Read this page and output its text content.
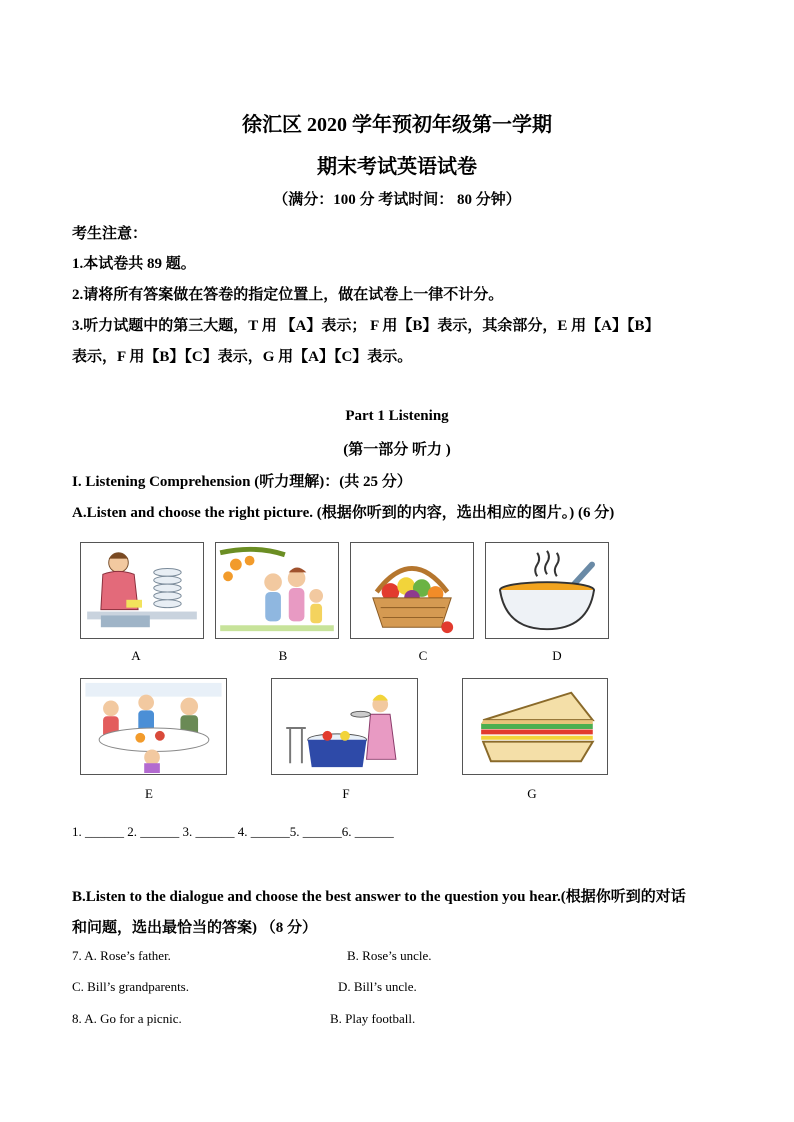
徐汇区 2020 学年预初年级第一学期
期末考试英语试卷
（满分：100 分 考试时间： 80 分钟）
考生注意：
1.本试卷共 89 题。
2.请将所有答案做在答卷的指定位置上，做在试卷上一律不计分。
3.听力试题中的第三大题，T 用 【A】表示； F 用【B】表示，其余部分，E 用【A】【B】
表示，F 用【B】【C】表示，G 用【A】【C】表示。
Part 1 Listening
(第一部分 听力 )
I. Listening Comprehension (听力理解)：(共 25 分）
A.Listen and choose the right picture. (根据你听到的内容，选出相应的图片。) (6 分)
A	B	C	D
E	F	G
1. ______ 2. ______ 3. ______ 4. ______5. ______6. ______
B.Listen to the dialogue and choose the best answer to the question you hear.(根据你听到的对话
和问题，选出最恰当的答案) （8 分）
7. A. Rose’s father.	B. Rose’s uncle.
C. Bill’s grandparents.	D. Bill’s uncle.
8. A. Go for a picnic.	B. Play football.
